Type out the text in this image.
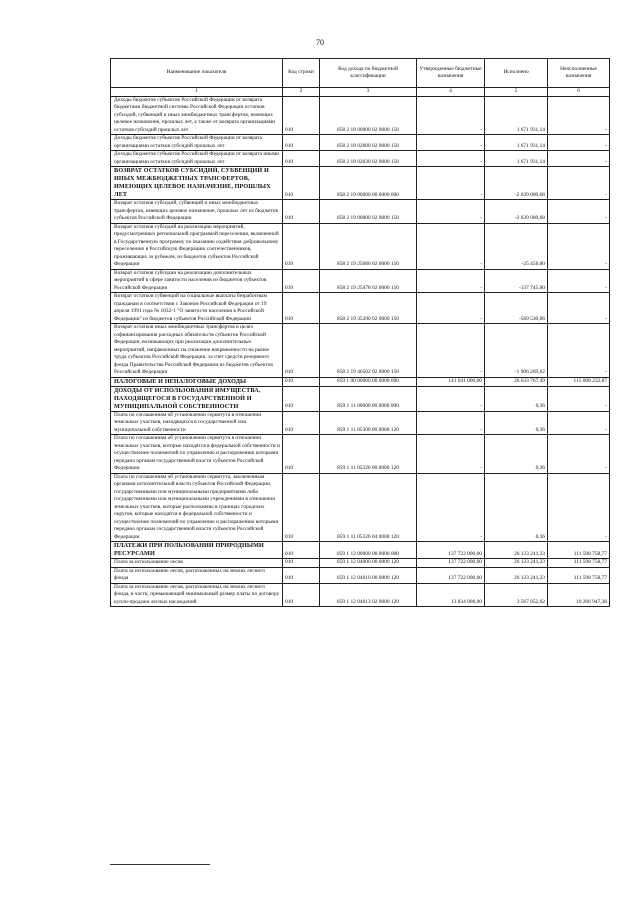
70
Наименование показателя	Код строки	Код дохода по бюджетной классификации	Утвержденные бюджетные назначения	Исполнено	Неисполненные назначения
1	2	3	4	5	6
Доходы бюджетов субъектов Российской Федерации от возврата бюджетами бюджетной системы Российской Федерации остатков субсидий, субвенций и иных межбюджетных трансфертов, имеющих целевое назначение, прошлых лет, а также от возврата организациями остатков субсидий прошлых лет	010	858 2 18 00000 02 0000 150	-	1 671 931,14	-
Доходы бюджетов субъектов Российской Федерации от возврата организациями остатков субсидий прошлых лет	010	858 2 18 02000 02 0000 150	-	1 671 931,14	-
Доходы бюджетов субъектов Российской Федерации от возврата иными организациями остатков субсидий прошлых лет	010	858 2 18 02030 02 0000 150	-	1 671 931,14	-
ВОЗВРАТ ОСТАТКОВ СУБСИДИЙ, СУБВЕНЦИЙ И ИНЫХ МЕЖБЮДЖЕТНЫХ ТРАНСФЕРТОВ, ИМЕЮЩИХ ЦЕЛЕВОЕ НАЗНАЧЕНИЕ, ПРОШЛЫХ ЛЕТ	010	858 2 19 00000 00 0000 000	-	-2 639 000,68	-
Возврат остатков субсидий, субвенций и иных межбюджетных трансфертов, имеющих целевое назначение, прошлых лет из бюджетов субъектов Российской Федерации	010	858 2 19 00000 02 0000 150	-	-2 639 000,68	-
Возврат остатков субсидий на реализацию мероприятий, предусмотренных региональной программой переселения, включенной в Государственную программу по оказанию содействия добровольному переселению в Российскую Федерацию соотечественников, проживающих за рубежом, из бюджетов субъектов Российской Федерации	010	858 2 19 25086 02 0000 150	-	-25 456,00	-
Возврат остатков субсидии на реализацию дополнительных мероприятий в сфере занятости населения из бюджетов субъектов Российской Федерации	010	858 2 19 25478 02 0000 150	-	-137 745,00	-
Возврат остатков субвенций на социальные выплаты безработным гражданам в соответствии с Законом Российской Федерации от 19 апреля 1991 года № 1032-1 "О занятости населения в Российской Федерации" из бюджетов субъектов Российской Федерации	010	858 2 19 35290 02 0000 150	-	-569 530,06	-
Возврат остатков иных межбюджетных трансфертов в целях софинансирования расходных обязательств субъектов Российской Федерации, возникающих при реализации дополнительных мероприятий, направленных на снижение напряженности на рынке труда субъектов Российской Федерации, за счет средств резервного фонда Правительства Российской Федерации из бюджетов субъектов Российской Федерации	010	858 2 19 46502 02 0000 150	-	-1 906 269,62	-
НАЛОГОВЫЕ И НЕНАЛОГОВЫЕ ДОХОДЫ	010	859 1 00 00000 00 0000 000	141 641 000,00	26 633 767,49	115 008 232,87
ДОХОДЫ ОТ ИСПОЛЬЗОВАНИЯ ИМУЩЕСТВА, НАХОДЯЩЕГОСЯ В ГОСУДАРСТВЕННОЙ И МУНИЦИПАЛЬНОЙ СОБСТВЕННОСТИ	010	859 1 11 00000 00 0000 000	-	0,36	-
Плата по соглашениям об установлении сервитута в отношении земельных участков, находящихся в государственной или муниципальной собственности	010	859 1 11 05300 00 0000 120	-	0,36	-
Плата по соглашениям об установлении сервитута в отношении земельных участков, которые находятся в федеральной собственности и осуществление полномочий по управлению и распоряжению которыми передано органам государственной власти субъектов Российской Федерации	010	859 1 11 05326 00 0000 120	-	0,36	-
Плата по соглашениям об установлении сервитута, заключенным органами исполнительной власти субъектов Российской Федерации, государственными или муниципальными предприятиями либо государственными или муниципальными учреждениями в отношении земельных участков, которые расположены в границах городских округов, которые находятся в федеральной собственности и осуществление полномочий по управлению и распоряжению которыми передано органам государственной власти субъектов Российской Федерации	010	859 1 11 05326 04 0000 120	-	0,36	-
ПЛАТЕЖИ ПРИ ПОЛЬЗОВАНИИ ПРИРОДНЫМИ РЕСУРСАМИ	010	859 1 12 00000 00 0000 000	137 722 000,00	26 123 241,23	111 598 758,77
Плата за использование лесов	010	859 1 12 04000 00 0000 120	137 722 000,00	26 123 241,23	111 598 758,77
Плата за использование лесов, расположенных на землях лесного фонда	010	859 1 12 04010 00 0000 120	137 722 000,00	26 123 241,23	111 598 758,77
Плата за использование лесов, расположенных на землях лесного фонда, в части, превышающей минимальный размер платы по договору купли-продажи лесных насаждений	010	859 1 12 04013 02 0000 120	13 834 000,00	3 567 052,62	10 266 947,38
